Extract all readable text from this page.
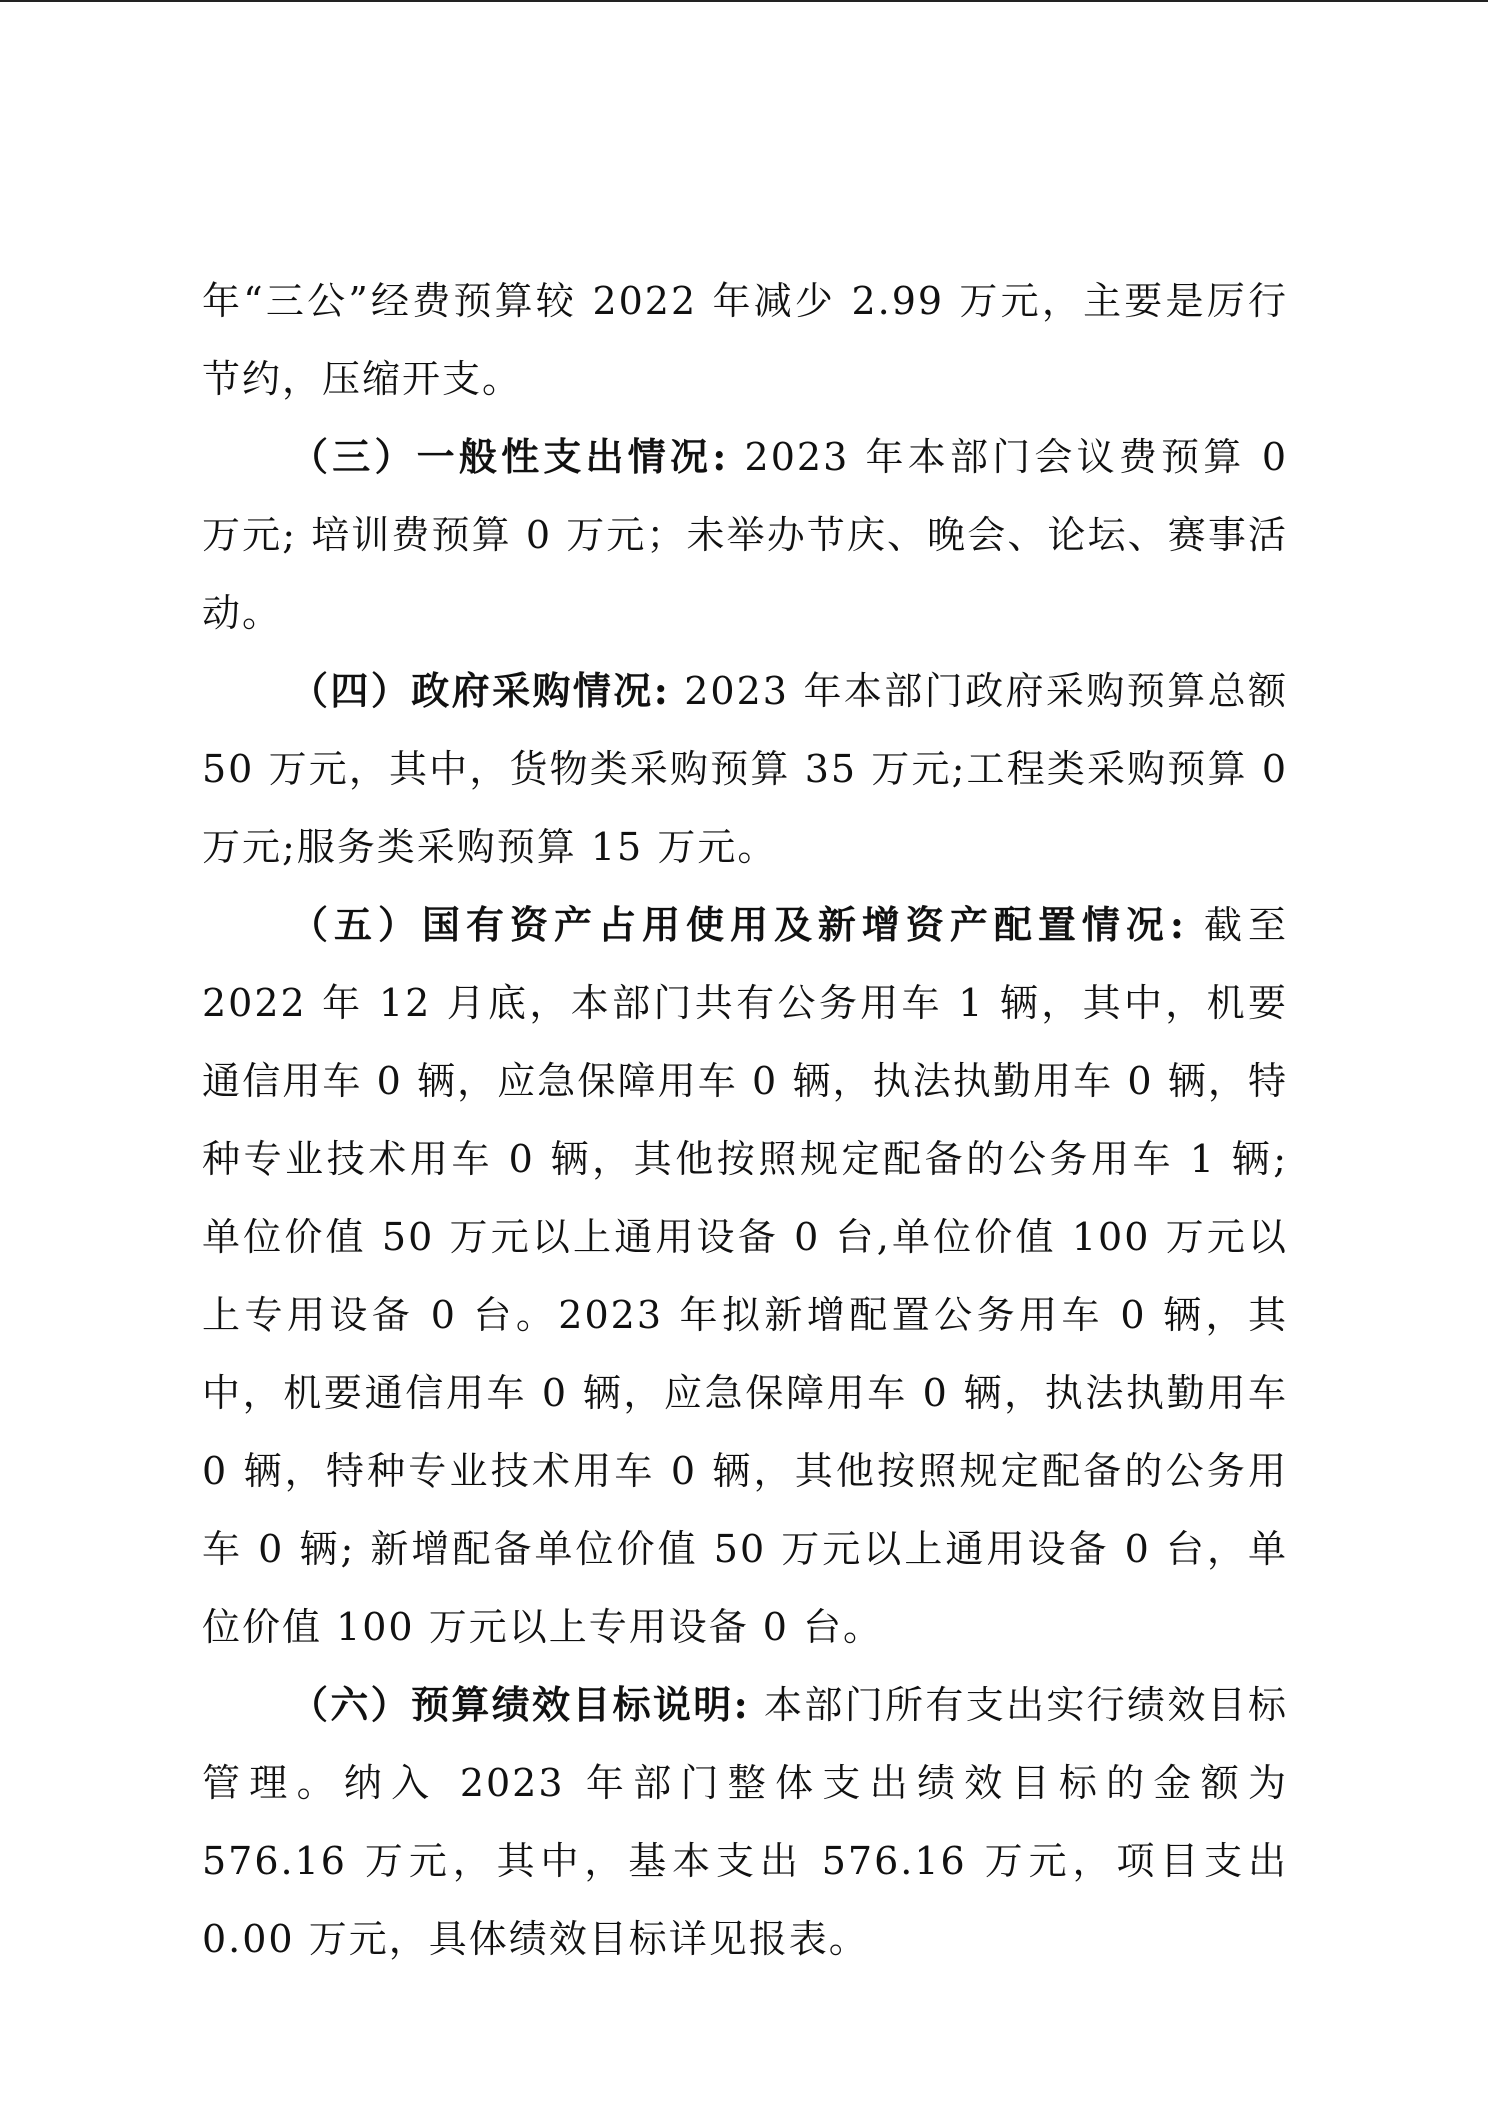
年“三公”经费预算较 2022 年减少 2.99 万元，主要是厉行节约，压缩开支。

（三）一般性支出情况: 2023 年本部门会议费预算 0 万元; 培训费预算 0 万元；未举办节庆、晚会、论坛、赛事活动。

（四）政府采购情况: 2023 年本部门政府采购预算总额 50 万元，其中，货物类采购预算 35 万元;工程类采购预算 0 万元;服务类采购预算 15 万元。

（五）国有资产占用使用及新增资产配置情况: 截至 2022 年 12 月底，本部门共有公务用车 1 辆，其中，机要通信用车 0 辆，应急保障用车 0 辆，执法执勤用车 0 辆，特种专业技术用车 0 辆，其他按照规定配备的公务用车 1 辆; 单位价值 50 万元以上通用设备 0 台,单位价值 100 万元以上专用设备 0 台。2023 年拟新增配置公务用车 0 辆，其中，机要通信用车 0 辆，应急保障用车 0 辆，执法执勤用车 0 辆，特种专业技术用车 0 辆，其他按照规定配备的公务用车 0 辆; 新增配备单位价值 50 万元以上通用设备 0 台，单位价值 100 万元以上专用设备 0 台。

（六）预算绩效目标说明: 本部门所有支出实行绩效目标管理。纳入 2023 年部门整体支出绩效目标的金额为 576.16 万元，其中，基本支出 576.16 万元，项目支出 0.00 万元，具体绩效目标详见报表。
